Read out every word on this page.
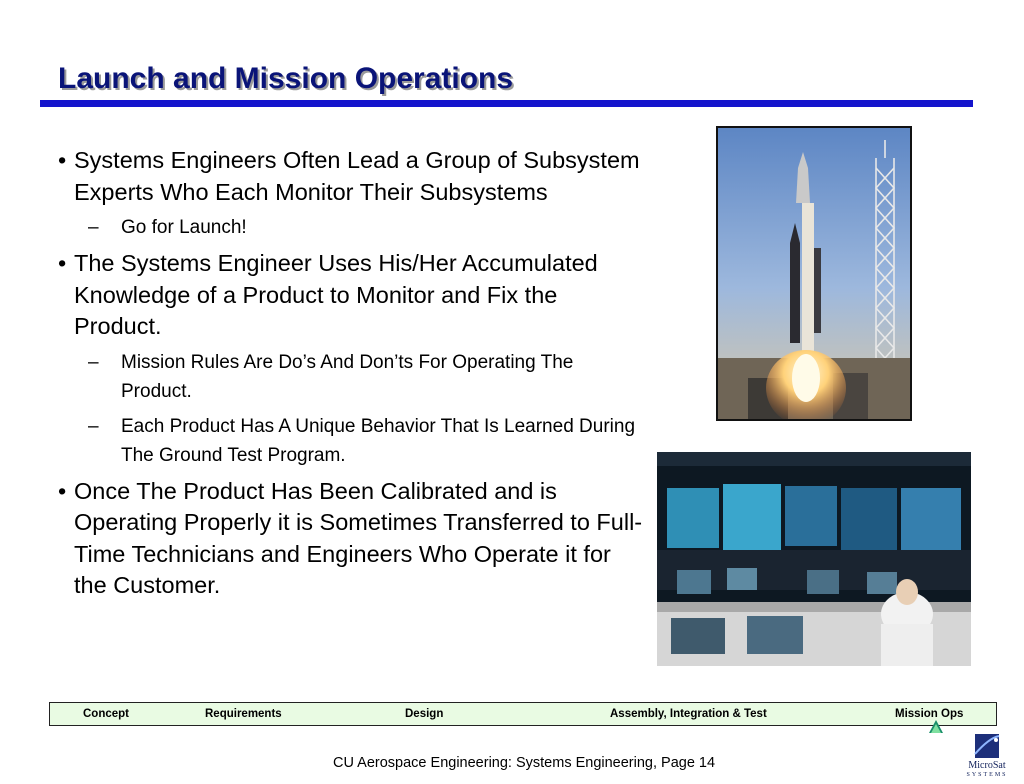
Launch and Mission Operations
• Systems Engineers Often Lead a Group of Subsystem Experts Who Each Monitor Their Subsystems
– Go for Launch!
• The Systems Engineer Uses His/Her Accumulated Knowledge of a Product to Monitor and Fix the Product.
– Mission Rules Are Do’s And Don’ts For Operating The Product.
– Each Product Has A Unique Behavior That Is Learned During The Ground Test Program.
• Once The Product Has Been Calibrated and is Operating Properly it is Sometimes Transferred to Full-Time Technicians and Engineers Who Operate it for the Customer.
Concept	Requirements	Design	Assembly, Integration & Test	Mission Ops
CU Aerospace Engineering: Systems Engineering, Page 14	MicroSat
SYSTEMS
